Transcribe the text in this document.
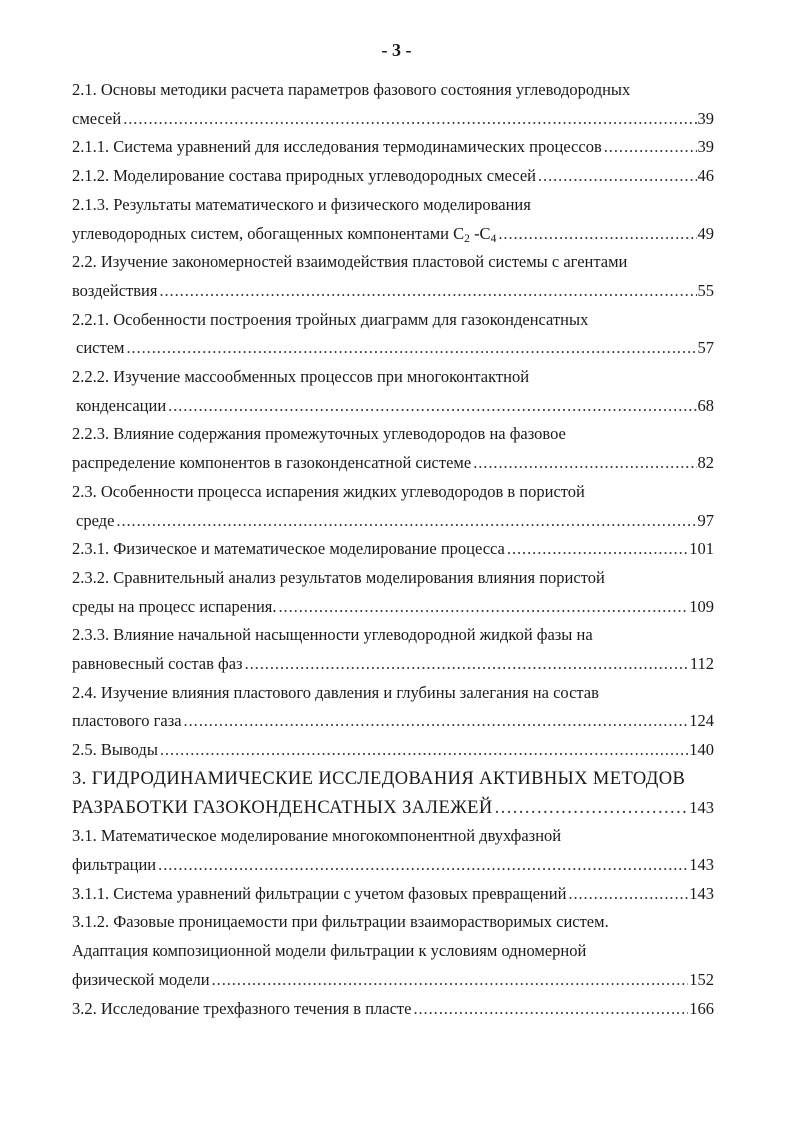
- 3 -
2.1. Основы методики расчета параметров фазового состояния углеводородных
смесей . . .	39
2.1.1. Система уравнений для исследования термодинамических процессов . . .	39
2.1.2. Моделирование состава природных углеводородных смесей . . .	46
2.1.3. Результаты математического и физического моделирования
углеводородных систем, обогащенных компонентами $C_2$ $-C_4$ . . .	49
2.2. Изучение закономерностей взаимодействия пластовой системы с агентами
воздействия . . .	55
2.2.1. Особенности построения тройных диаграмм для газоконденсатных
систем . . .	57
2.2.2. Изучение массообменных процессов при многоконтактной
конденсации . . .	68
2.2.3. Влияние содержания промежуточных углеводородов на фазовое
распределение компонентов в газоконденсатной системе . . .	82
2.3. Особенности процесса испарения жидких углеводородов в пористой
среде . . .	97
2.3.1. Физическое и математическое моделирование процесса . . .	101
2.3.2. Сравнительный анализ результатов моделирования влияния пористой
среды на процесс испарения. . . .	109
2.3.3. Влияние начальной насыщенности углеводородной жидкой фазы на
равновесный состав фаз . . .	112
2.4. Изучение влияния пластового давления и глубины залегания на состав
пластового газа . . .	124
2.5. Выводы . . .	140
3. ГИДРОДИНАМИЧЕСКИЕ ИССЛЕДОВАНИЯ АКТИВНЫХ МЕТОДОВ
РАЗРАБОТКИ ГАЗОКОНДЕНСАТНЫХ ЗАЛЕЖЕЙ . . .	143
3.1. Математическое моделирование многокомпонентной двухфазной
фильтрации . . .	143
3.1.1. Система уравнений фильтрации с учетом фазовых превращений . . .	143
3.1.2. Фазовые проницаемости при фильтрации взаиморастворимых систем.
Адаптация композиционной модели фильтрации к условиям одномерной
физической модели . . .	152
3.2. Исследование трехфазного течения в пласте . . .	166
